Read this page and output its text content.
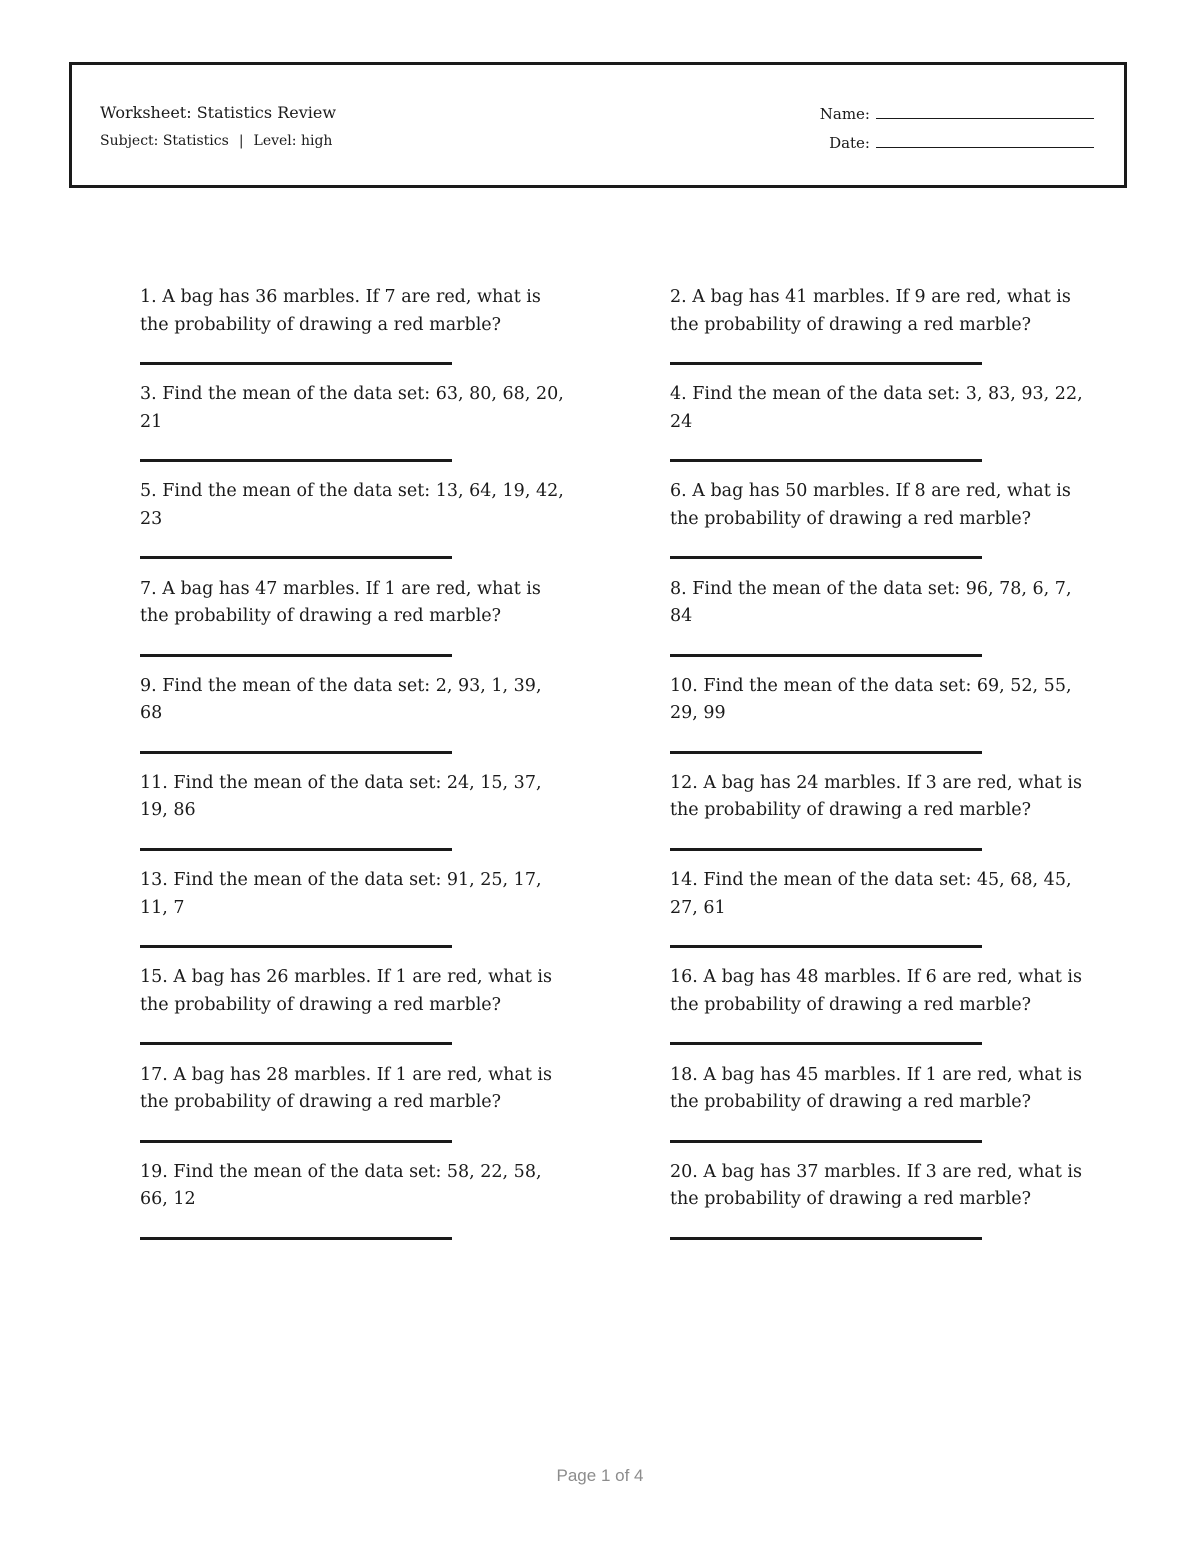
Worksheet: Statistics Review
Subject: Statistics | Level: high
Name:
Date:

1. A bag has 36 marbles. If 7 are red, what is the probability of drawing a red marble?

2. A bag has 41 marbles. If 9 are red, what is the probability of drawing a red marble?

3. Find the mean of the data set: 63, 80, 68, 20, 21

4. Find the mean of the data set: 3, 83, 93, 22, 24

5. Find the mean of the data set: 13, 64, 19, 42, 23

6. A bag has 50 marbles. If 8 are red, what is the probability of drawing a red marble?

7. A bag has 47 marbles. If 1 are red, what is the probability of drawing a red marble?

8. Find the mean of the data set: 96, 78, 6, 7, 84

9. Find the mean of the data set: 2, 93, 1, 39, 68

10. Find the mean of the data set: 69, 52, 55, 29, 99

11. Find the mean of the data set: 24, 15, 37, 19, 86

12. A bag has 24 marbles. If 3 are red, what is the probability of drawing a red marble?

13. Find the mean of the data set: 91, 25, 17, 11, 7

14. Find the mean of the data set: 45, 68, 45, 27, 61

15. A bag has 26 marbles. If 1 are red, what is the probability of drawing a red marble?

16. A bag has 48 marbles. If 6 are red, what is the probability of drawing a red marble?

17. A bag has 28 marbles. If 1 are red, what is the probability of drawing a red marble?

18. A bag has 45 marbles. If 1 are red, what is the probability of drawing a red marble?

19. Find the mean of the data set: 58, 22, 58, 66, 12

20. A bag has 37 marbles. If 3 are red, what is the probability of drawing a red marble?

Page 1 of 4
